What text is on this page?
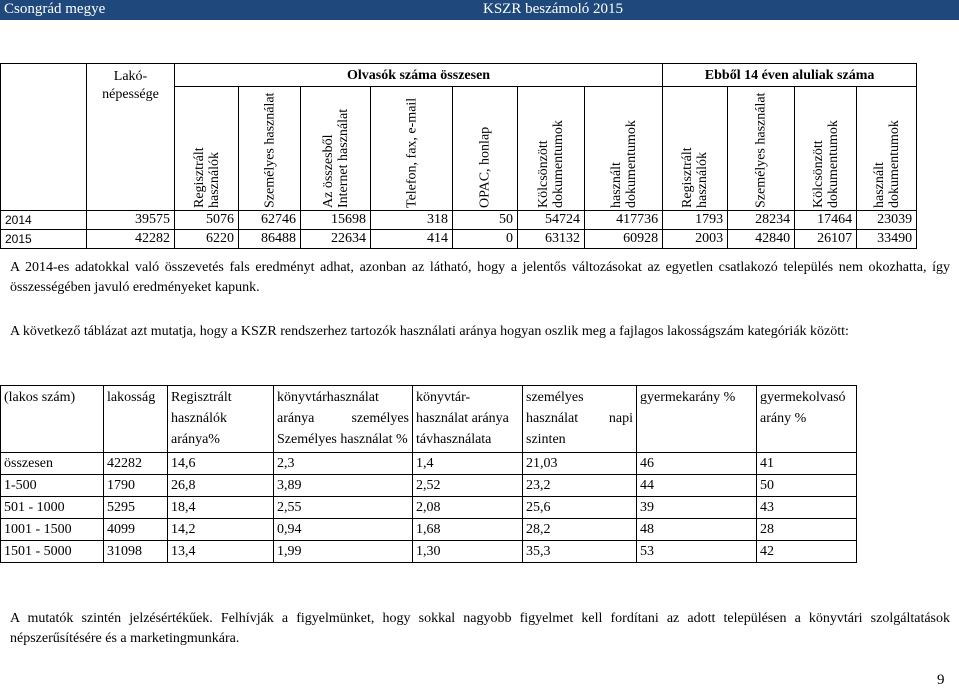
Csongrád megye	KSZR beszámoló 2015
	Lakó-
népessége	Olvasók száma összesen							Ebből 14 éven aluliak száma			

		Regisztrált használók	Személyes használat	Az összesből Internet használat	Telefon, fax, e-mail	OPAC, honlap	Kölcsönzött dokumentumok	használt dokumentumok	Regisztrált használók	Személyes használat	Kölcsönzött dokumentumok	használt dokumentumok

2014	39575	5076	62746	15698	318	50	54724	417736	1793	28234	17464	23039
2015	42282	6220	86488	22634	414	0	63132	60928	2003	42840	26107	33490
A 2014-es adatokkal való összevetés fals eredményt adhat, azonban az látható, hogy a jelentős változásokat az egyetlen csatlakozó település nem okozhatta, így összességében javuló eredményeket kapunk.
A következő táblázat azt mutatja, hogy a KSZR rendszerhez tartozók használati aránya hogyan oszlik meg a fajlagos lakosságszám kategóriák között:
(lakos szám)	lakosság	Regisztrált használók aránya%	könyvtárhasználat aránya személyes Személyes használat %	könyvtár-használat aránya távhasználata	személyes használat napi szinten	gyermekarány %	gyermekolvasó arány %
összesen	42282	14,6	2,3	1,4	21,03	46	41
1-500	1790	26,8	3,89	2,52	23,2	44	50
501 - 1000	5295	18,4	2,55	2,08	25,6	39	43
1001 - 1500	4099	14,2	0,94	1,68	28,2	48	28
1501 - 5000	31098	13,4	1,99	1,30	35,3	53	42
A mutatók szintén jelzésértékűek. Felhívják a figyelmünket, hogy sokkal nagyobb figyelmet kell fordítani az adott településen a könyvtári szolgáltatások népszerűsítésére és a marketingmunkára.
9
